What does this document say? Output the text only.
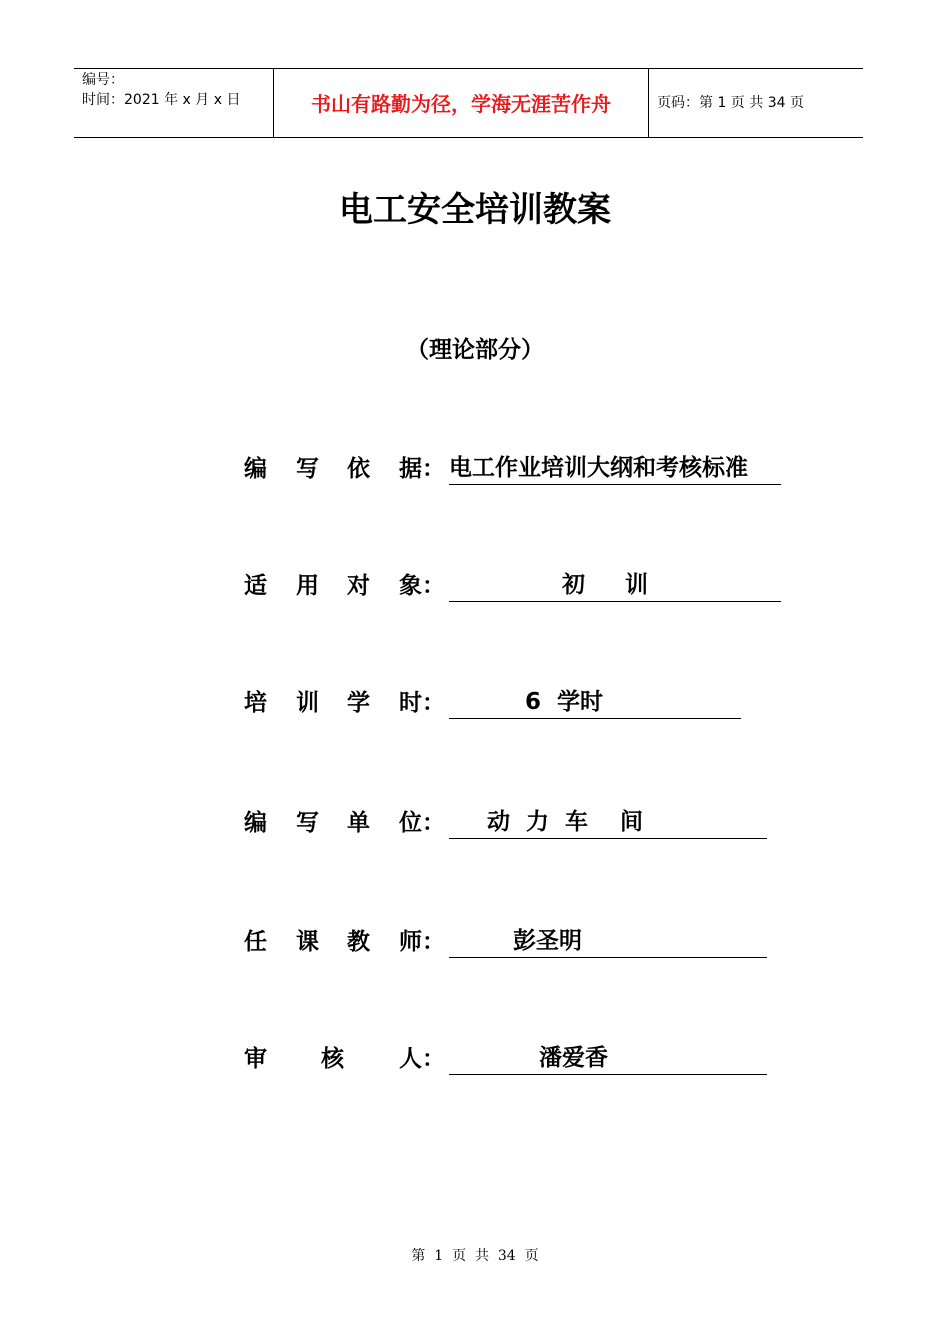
编号：
时间：2021 年 x 月 x 日	书山有路勤为径，学海无涯苦作舟	页码：第 1 页 共 34 页
电工安全培训教案
（理论部分）
编 写 依 据 ： 电工作业培训大纲和考核标准
适 用 对 象 ：	初     训
培 训 学 时 ：	6  学时
编 写 单 位 ：	动  力  车    间
任 课 教 师 ：	彭圣明
审 核 人 ：	潘爱香
第  1  页  共  34  页
